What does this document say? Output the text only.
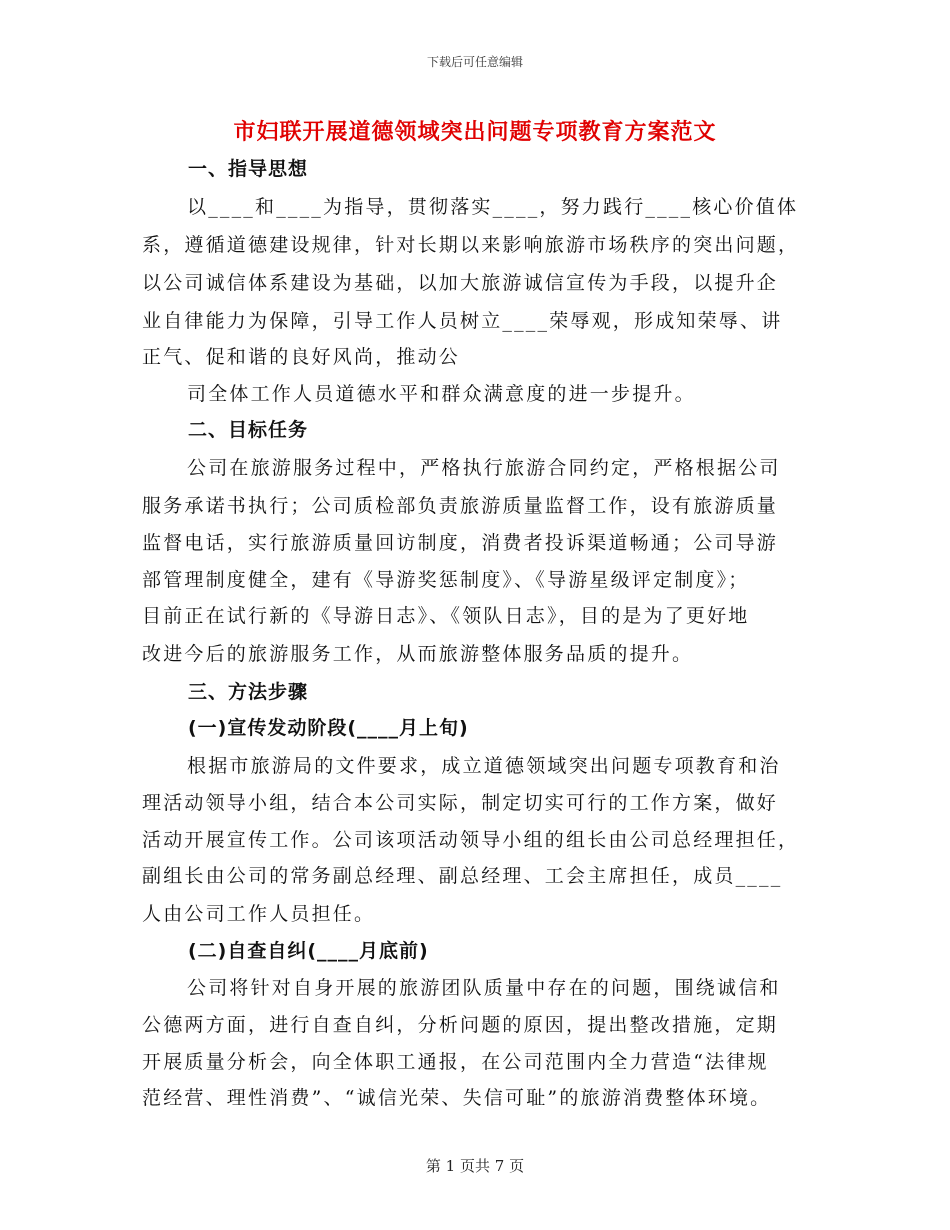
下载后可任意编辑
市妇联开展道德领域突出问题专项教育方案范文
一、指导思想
以____和____为指导，贯彻落实____，努力践行____核心价值体
系，遵循道德建设规律，针对长期以来影响旅游市场秩序的突出问题，
以公司诚信体系建设为基础，以加大旅游诚信宣传为手段，以提升企
业自律能力为保障，引导工作人员树立____荣辱观，形成知荣辱、讲
正气、促和谐的良好风尚，推动公
司全体工作人员道德水平和群众满意度的进一步提升。
二、目标任务
公司在旅游服务过程中，严格执行旅游合同约定，严格根据公司
服务承诺书执行；公司质检部负责旅游质量监督工作，设有旅游质量
监督电话，实行旅游质量回访制度，消费者投诉渠道畅通；公司导游
部管理制度健全，建有《导游奖惩制度》、《导游星级评定制度》；
目前正在试行新的《导游日志》、《领队日志》，目的是为了更好地
改进今后的旅游服务工作，从而旅游整体服务品质的提升。
三、方法步骤
(一)宣传发动阶段(____月上旬)
根据市旅游局的文件要求，成立道德领域突出问题专项教育和治
理活动领导小组，结合本公司实际，制定切实可行的工作方案，做好
活动开展宣传工作。公司该项活动领导小组的组长由公司总经理担任，
副组长由公司的常务副总经理、副总经理、工会主席担任，成员____
人由公司工作人员担任。
(二)自查自纠(____月底前)
公司将针对自身开展的旅游团队质量中存在的问题，围绕诚信和
公德两方面，进行自查自纠，分析问题的原因，提出整改措施，定期
开展质量分析会，向全体职工通报，在公司范围内全力营造“法律规
范经营、理性消费”、“诚信光荣、失信可耻”的旅游消费整体环境。
第 1 页共 7 页
